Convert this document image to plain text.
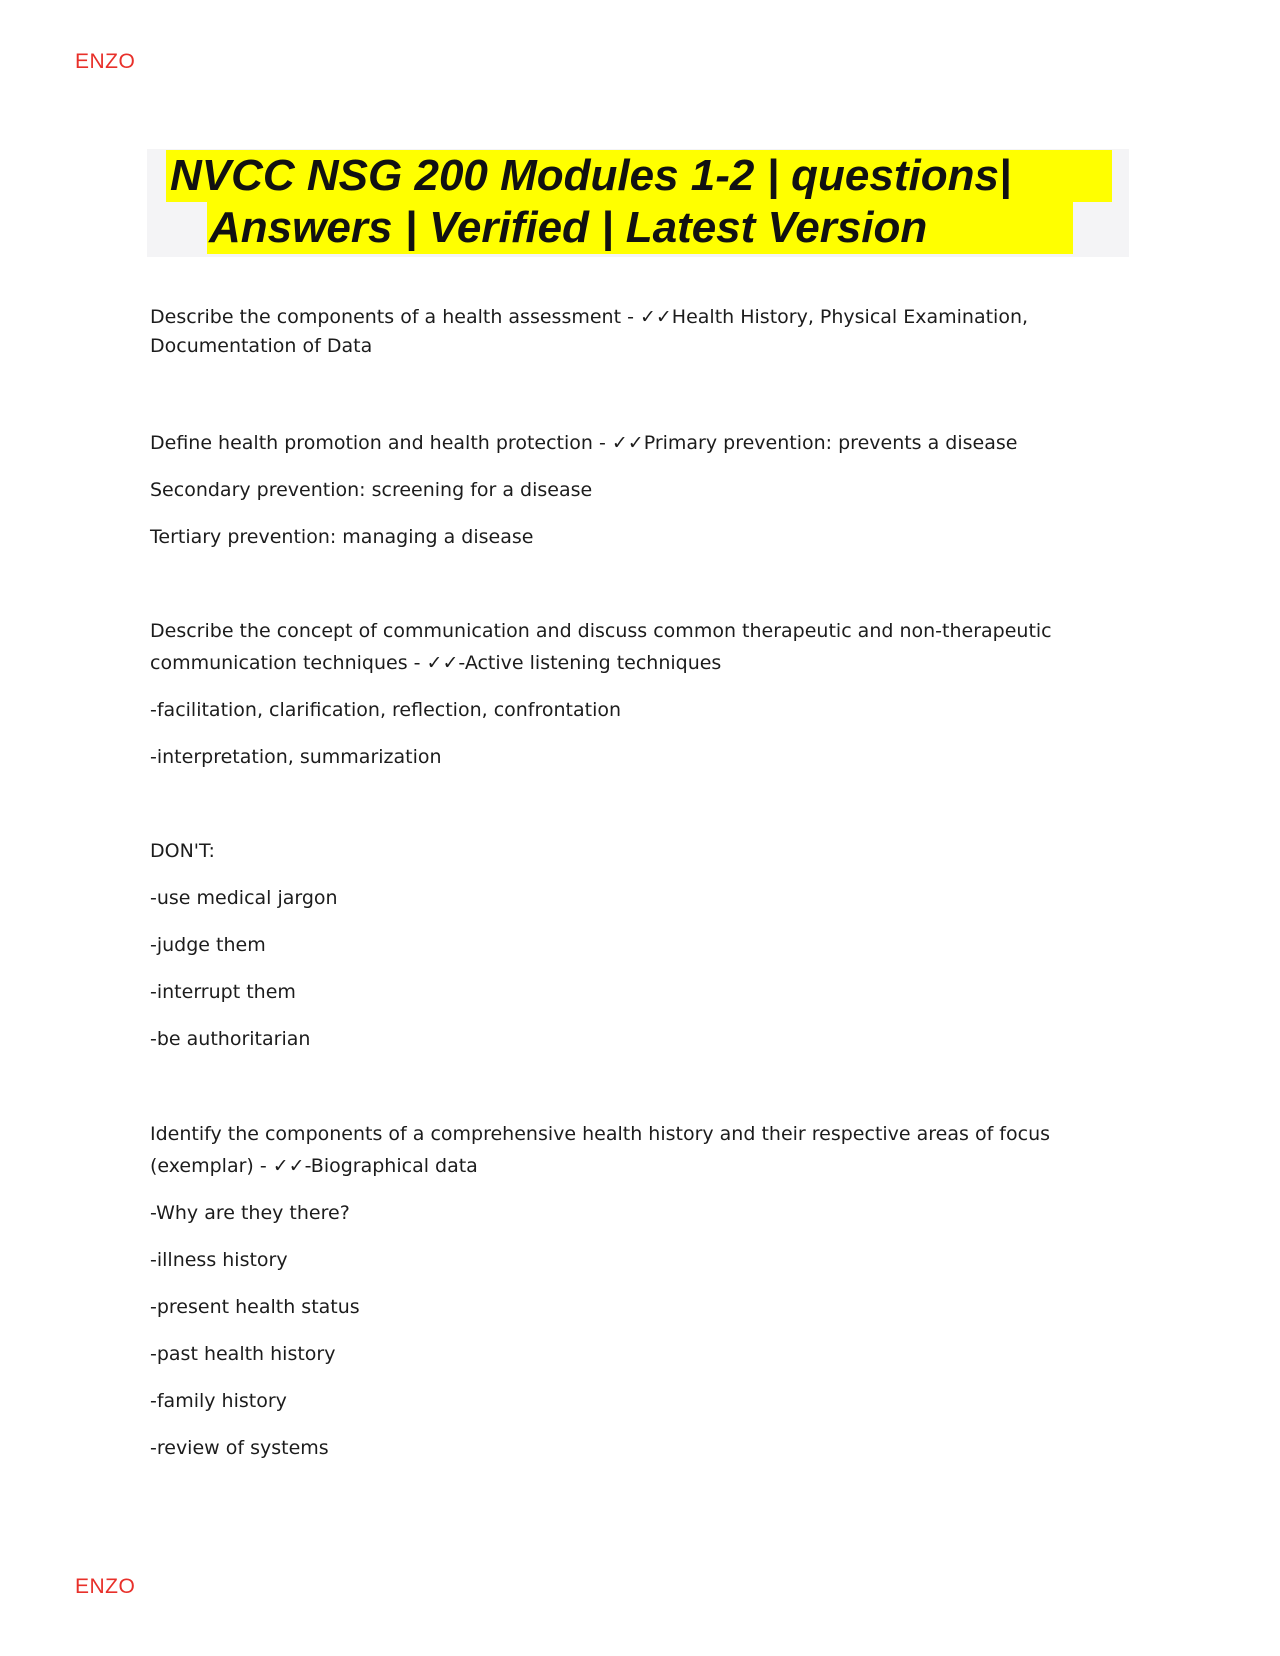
ENZO
NVCC NSG 200 Modules 1-2 | questions|
Answers | Verified | Latest Version
Describe the components of a health assessment - ✓✓Health History, Physical Examination,
Documentation of Data
Define health promotion and health protection - ✓✓Primary prevention: prevents a disease
Secondary prevention: screening for a disease
Tertiary prevention: managing a disease
Describe the concept of communication and discuss common therapeutic and non-therapeutic
communication techniques - ✓✓-Active listening techniques
-facilitation, clarification, reflection, confrontation
-interpretation, summarization
DON'T:
-use medical jargon
-judge them
-interrupt them
-be authoritarian
Identify the components of a comprehensive health history and their respective areas of focus
(exemplar) - ✓✓-Biographical data
-Why are they there?
-illness history
-present health status
-past health history
-family history
-review of systems
ENZO
